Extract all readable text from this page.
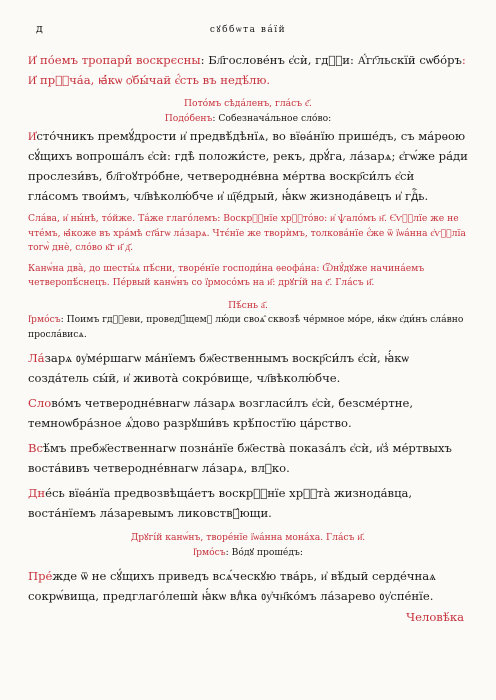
д	сꙋббѡта ва́їй

И҆ по́емъ тропари̑ воскрєсны: Бл҃гослове́нъ є҆сѝ, гдⷭ҇и: А҆́гг҃льскїй сѡбо́ръ: И҆ прⷭ҇ча́а, ꙗ҆́кѡ ѻ҆бы́чай є҆́сть въ недѣ́лю.

Пото́мъ сѣда́ленъ, гла́съ є҃.

Подо́бенъ: Собезнача́льное сло́во:

И҆сто́чникъ премꙋ́дрости и҆ предвѣ́дѣнїѧ, во вїѳа́нїю прише́дъ, съ ма́рѳою сꙋ́щихъ вопроша́лъ є҆сѝ: гдѣ̀ положи́сте, рекъ, дрꙋ́га, ла́зарѧ; є҆гѡ́же ра́ди прослези́въ, бл҃гоꙋтро́бне, четверодне́вна ме́ртва воскр҃си́лъ є҆сѝ гла́сомъ твои́мъ, чл҃вѣколю́бче и҆ щ҇е́дрый, ꙗ҆́кѡ жизнода́вецъ и҆ гдⷭ҇ь.

Сла́ва, и҆ ны́нѣ, то́йже. Та́же глаго́лемъ: Воскрⷭ҇нїе хрⷭ҇то́во: и҆ ѱало́мъ н҃. Є҆ѵⷢ҇лїе же не чте́мъ, ꙗ҆́коже въ хра́мѣ ст҃а́гѡ ла́зарѧ. Чтє́нїе же творѝмъ, толкова́нїе є҆́же ѿ ї҆ѡа́нна є҆ѵⷢ҇лїа тогѡ̀ днѐ, сло́во к҃г и҃ д҃.

Канѡ́на два̀, до шесты́ѧ пѣ́сни, творе́нїе господи́на ѳеофа́на: Ѿнꙋ́дꙋже начина́емъ четверопѣ́снецъ. Пе́рвый канѡ́нъ со ї҆рмосо́мъ на и҃: дрꙋгі́й на є҃. Гла́съ и҃.

Пѣ́снь а҃.

І҆рмо́съ: Поимъ гдⷭ҇еви, проведꙋ́щемꙋ лю́ди своѧ̑ сквозѣ̀ че́рмное мо́ре, ꙗ҆́кѡ є҆ди́нъ сла́вно просла́висѧ.

Ла́зарѧ ᲂу҆ме́ршагѡ ма́нїемъ бж҃ественнымъ воскр҃си́лъ є҆сѝ, ꙗ҆́кѡ созда́тель сы́й, и҆ живота̀ сокро́вище, чл҃вѣколю́бче.

Слово́мъ четверодне́внагѡ ла́зарѧ возгласи́лъ є҆сѝ, безсме́ртне, темноѡбра́зное ѧ҆́дово разрꙋши́въ крѣ́постїю ца́рство.

Всѣ́мъ пребж҃ественнагѡ позна́нїе бж҃ества̀ показа́лъ є҆сѝ, и҆з̾ ме́ртвыхъ воста́вивъ четверодне́внагѡ ла́зарѧ, влⷣко.

Дне́сь вїѳа́нїа предвозвѣща́етъ воскрⷭ҇нїе хрⷭ҇та̀ жизнода́вца, воста́нїемъ ла́заревымъ ликовствꙋ́ющи.

Дрꙋгі́й канѡ́нъ, творе́нїе ї҆ѡа́нна мона́ха. Гла́съ и҃.

І҆рмо́съ: Во́дꙋ проше́дъ:

Пре́жде ѿ не сꙋ́щихъ приведъ всѧ́ческꙋю тва́рь, и҆ вѣ́дый серде́чнаѧ сокрѡ́вища, предглаго́лешѝ ꙗ҆́кѡ влⷣка ᲂу҆чн҃ко́мъ ла́зарево ᲂу҆спе́нїе.

Человѣ́ка
